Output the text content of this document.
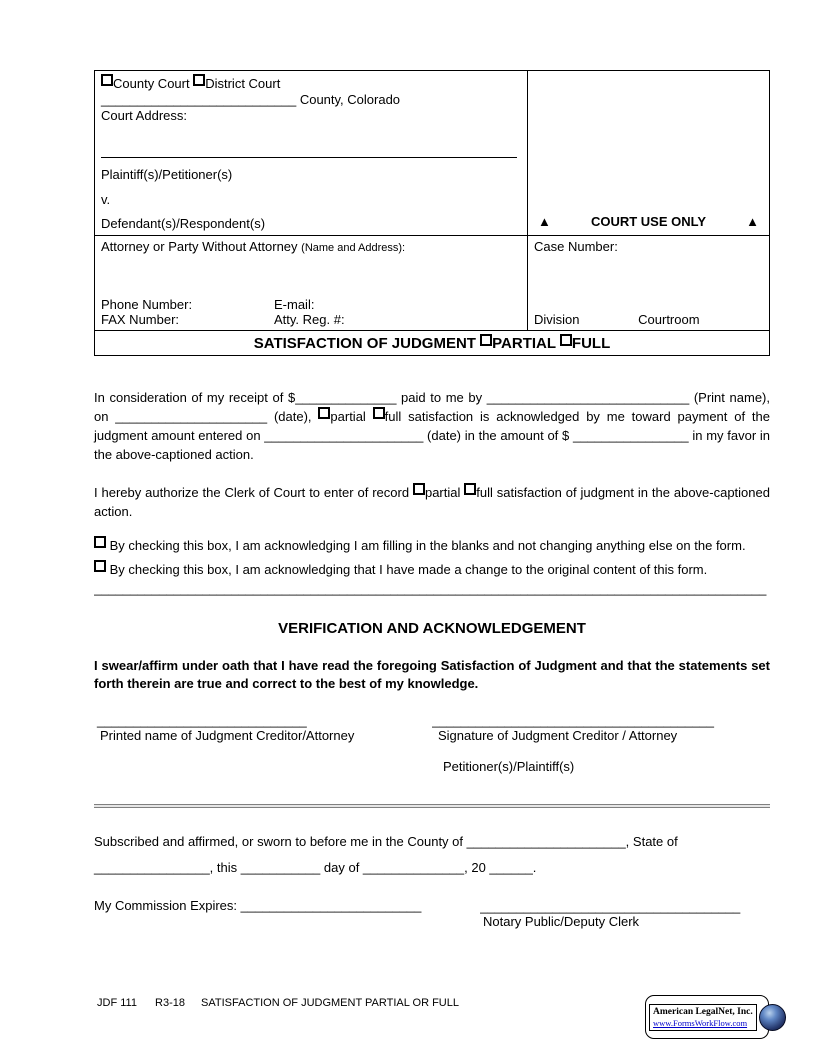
County Court District Court
___________________________ County, Colorado
Court Address:
Plaintiff(s)/Petitioner(s)
v.
Defendant(s)/Respondent(s)	▲	COURT USE ONLY	▲

Attorney or Party Without Attorney (Name and Address):
Phone Number:	E-mail:
FAX Number:	Atty. Reg. #:

Case Number:
Division	Courtroom

SATISFACTION OF JUDGMENT PARTIAL FULL	

In consideration of my receipt of $______________ paid to me by ____________________________ (Print name), on _____________________ (date), partial full satisfaction is acknowledged by me toward payment of the judgment amount entered on ______________________ (date) in the amount of $ ________________ in my favor in the above-captioned action.

I hereby authorize the Clerk of Court to enter of record partial full satisfaction of judgment in the above-captioned action.

By checking this box, I am acknowledging I am filling in the blanks and not changing anything else on the form.

By checking this box, I am acknowledging that I have made a change to the original content of this form.

_____________________________________________________________________________________________
VERIFICATION AND ACKNOWLEDGEMENT

I swear/affirm under oath that I have read the foregoing Satisfaction of Judgment and that the statements set forth therein are true and correct to the best of my knowledge.

_____________________________
Printed name of Judgment Creditor/Attorney
_______________________________________
Signature of Judgment Creditor / Attorney
Petitioner(s)/Plaintiff(s)
Subscribed and affirmed, or sworn to before me in the County of ______________________, State of
________________, this ___________ day of ______________, 20 ______.
My Commission Expires: _________________________	____________________________________
Notary Public/Deputy Clerk
JDF 111 R3-18 SATISFACTION OF JUDGMENT PARTIAL OR FULL
American LegalNet, Inc.
www.FormsWorkFlow.com
